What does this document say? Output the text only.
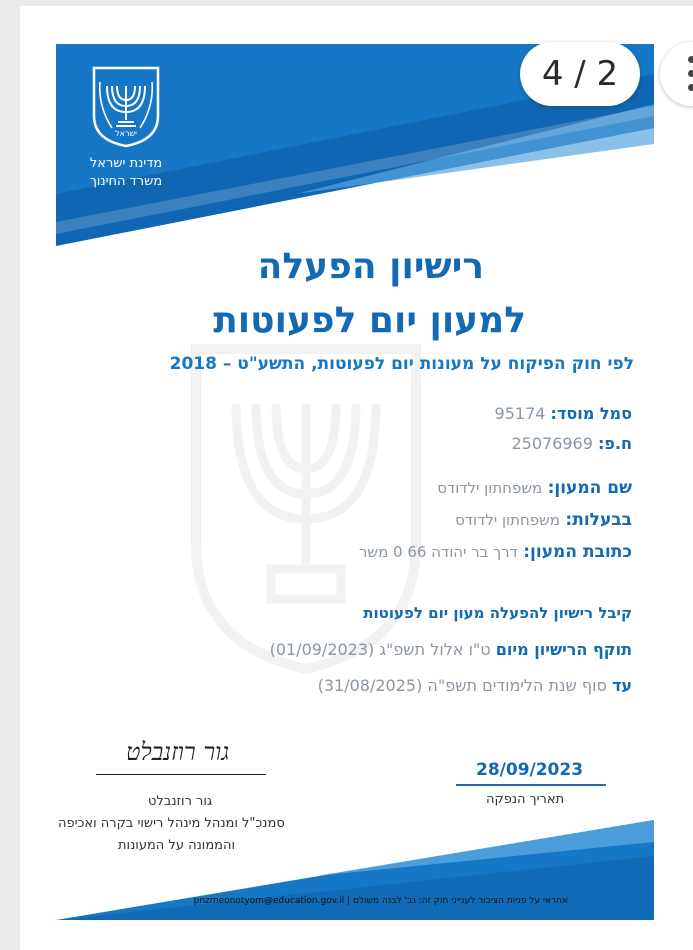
ישראל
מדינת ישראל
משרד החינוך
רישיון הפעלה
למעון יום לפעוטות
לפי חוק הפיקוח על מעונות יום לפעוטות, התשע"ט – 2018
סמל מוסד: 95174
ח.פ: 25076969
שם המעון: משפחתון ילדודס
בבעלות: משפחתון ילדודס
כתובת המעון: דרך בר יהודה 66 0 משר
קיבל רישיון להפעלה מעון יום לפעוטות
תוקף הרישיון מיום ט"ו אלול תשפ"ג (01/09/2023)
עד סוף שנת הלימודים תשפ"ה (31/08/2025)
28/09/2023
תאריך הנפקה
גור רוזנבלט
גור רוזנבלט
סמנכ"ל ומנהל מינהל רישוי בקרה ואכיפה
והממונה על המעונות
אחראי על פניות הציבור לענייני חוק זה: גב' לבנה משולם | pnzmeonotyom@education.gov.il
4 / 2
